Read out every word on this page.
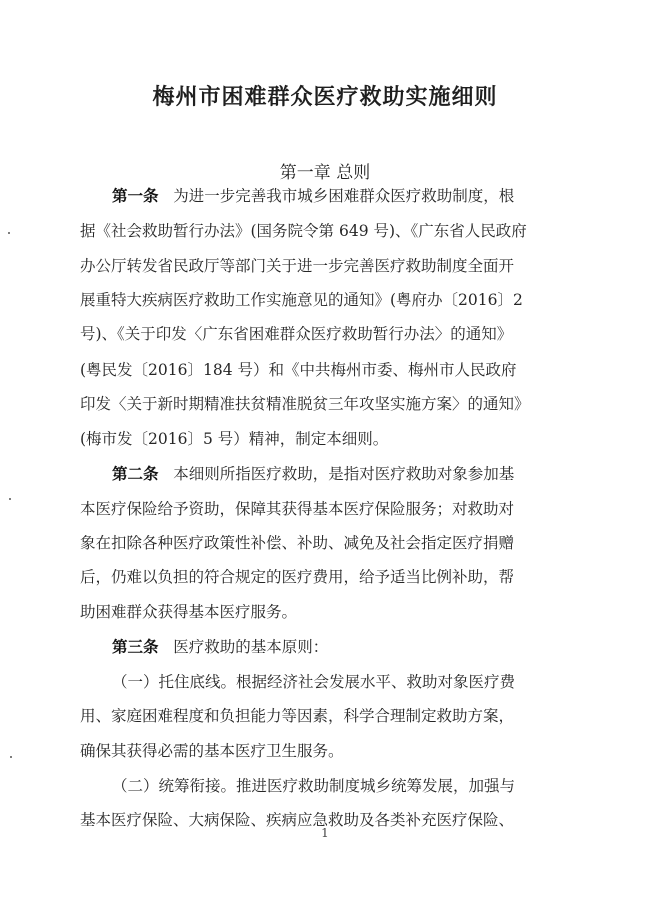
梅州市困难群众医疗救助实施细则
第一章 总则
第一条 为进一步完善我市城乡困难群众医疗救助制度，根
据《社会救助暂行办法》(国务院令第 649 号)、《广东省人民政府
办公厅转发省民政厅等部门关于进一步完善医疗救助制度全面开
展重特大疾病医疗救助工作实施意见的通知》(粤府办〔2016〕2
号)、《关于印发〈广东省困难群众医疗救助暂行办法〉的通知》
(粤民发〔2016〕184 号）和《中共梅州市委、梅州市人民政府
印发〈关于新时期精准扶贫精准脱贫三年攻坚实施方案〉的通知》
(梅市发〔2016〕5 号）精神，制定本细则。
第二条 本细则所指医疗救助，是指对医疗救助对象参加基
本医疗保险给予资助，保障其获得基本医疗保险服务；对救助对
象在扣除各种医疗政策性补偿、补助、减免及社会指定医疗捐赠
后，仍难以负担的符合规定的医疗费用，给予适当比例补助，帮
助困难群众获得基本医疗服务。
第三条 医疗救助的基本原则：
（一）托住底线。根据经济社会发展水平、救助对象医疗费
用、家庭困难程度和负担能力等因素，科学合理制定救助方案，
确保其获得必需的基本医疗卫生服务。
（二）统筹衔接。推进医疗救助制度城乡统筹发展，加强与
基本医疗保险、大病保险、疾病应急救助及各类补充医疗保险、
1
